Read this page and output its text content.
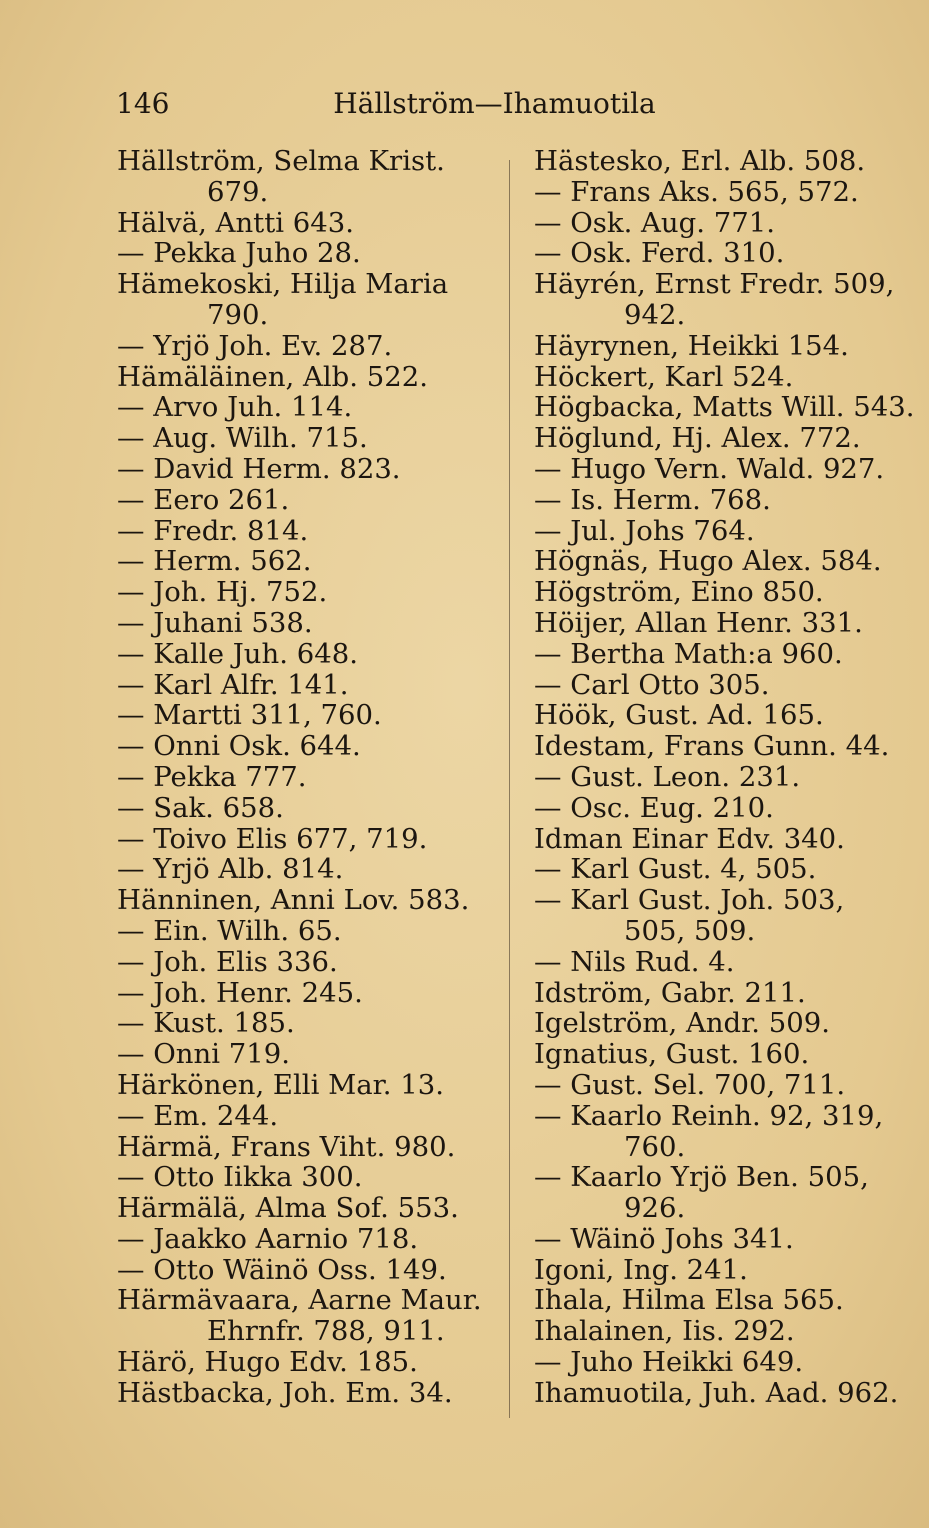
146	Hällström—Ihamuotila

Hällström, Selma Krist.

679.

Hälvä, Antti 643.

— Pekka Juho 28.

Hämekoski, Hilja Maria

790.

— Yrjö Joh. Ev. 287.

Hämäläinen, Alb. 522.

— Arvo Juh. 114.

— Aug. Wilh. 715.

— David Herm. 823.

— Eero 261.

— Fredr. 814.

— Herm. 562.

— Joh. Hj. 752.

— Juhani 538.

— Kalle Juh. 648.

— Karl Alfr. 141.

— Martti 311, 760.

— Onni Osk. 644.

— Pekka 777.

— Sak. 658.

— Toivo Elis 677, 719.

— Yrjö Alb. 814.

Hänninen, Anni Lov. 583.

— Ein. Wilh. 65.

— Joh. Elis 336.

— Joh. Henr. 245.

— Kust. 185.

— Onni 719.

Härkönen, Elli Mar. 13.

— Em. 244.

Härmä, Frans Viht. 980.

— Otto Iikka 300.

Härmälä, Alma Sof. 553.

— Jaakko Aarnio 718.

— Otto Wäinö Oss. 149.

Härmävaara, Aarne Maur.

Ehrnfr. 788, 911.

Härö, Hugo Edv. 185.

Hästbacka, Joh. Em. 34.

Hästesko, Erl. Alb. 508.

— Frans Aks. 565, 572.

— Osk. Aug. 771.

— Osk. Ferd. 310.

Häyrén, Ernst Fredr. 509,

942.

Häyrynen, Heikki 154.

Höckert, Karl 524.

Högbacka, Matts Will. 543.

Höglund, Hj. Alex. 772.

— Hugo Vern. Wald. 927.

— Is. Herm. 768.

— Jul. Johs 764.

Högnäs, Hugo Alex. 584.

Högström, Eino 850.

Höijer, Allan Henr. 331.

— Bertha Math:a 960.

— Carl Otto 305.

Höök, Gust. Ad. 165.

Idestam, Frans Gunn. 44.

— Gust. Leon. 231.

— Osc. Eug. 210.

Idman Einar Edv. 340.

— Karl Gust. 4, 505.

— Karl Gust. Joh. 503,

505, 509.

— Nils Rud. 4.

Idström, Gabr. 211.

Igelström, Andr. 509.

Ignatius, Gust. 160.

— Gust. Sel. 700, 711.

— Kaarlo Reinh. 92, 319,

760.

— Kaarlo Yrjö Ben. 505,

926.

— Wäinö Johs 341.

Igoni, Ing. 241.

Ihala, Hilma Elsa 565.

Ihalainen, Iis. 292.

— Juho Heikki 649.

Ihamuotila, Juh. Aad. 962.
